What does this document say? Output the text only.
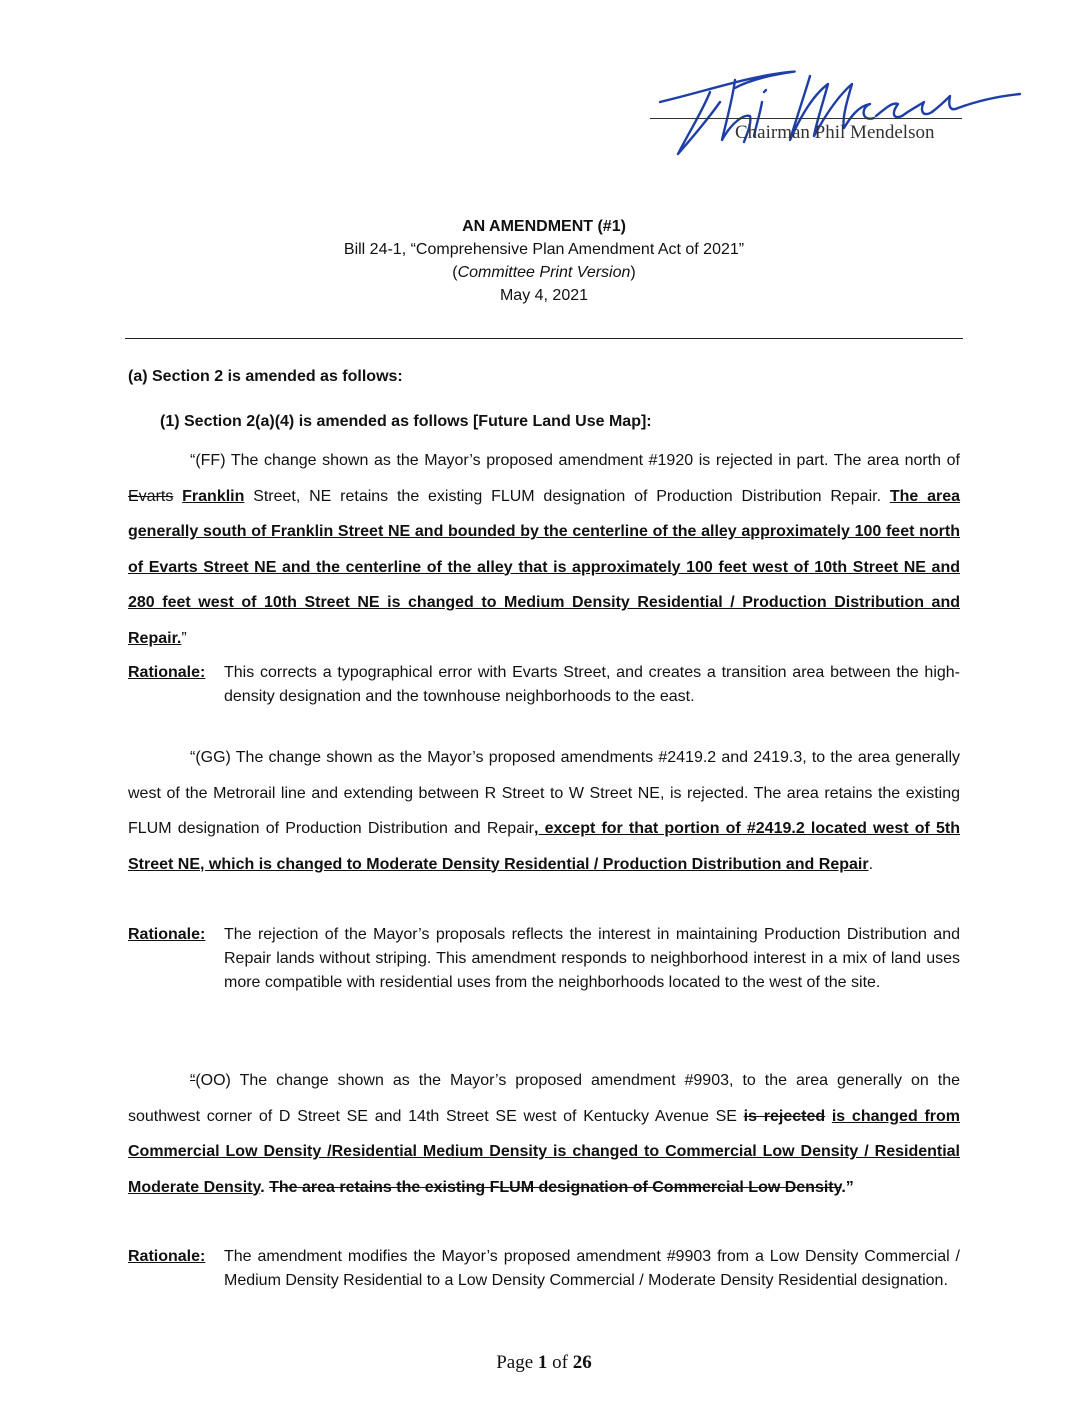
Chairman Phil Mendelson
AN AMENDMENT (#1)
Bill 24-1, “Comprehensive Plan Amendment Act of 2021”
(Committee Print Version)
May 4, 2021
(a) Section 2 is amended as follows:
(1) Section 2(a)(4) is amended as follows [Future Land Use Map]:
“(FF) The change shown as the Mayor’s proposed amendment #1920 is rejected in part. The area north of Evarts Franklin Street, NE retains the existing FLUM designation of Production Distribution Repair. The area generally south of Franklin Street NE and bounded by the centerline of the alley approximately 100 feet north of Evarts Street NE and the centerline of the alley that is approximately 100 feet west of 10th Street NE and 280 feet west of 10th Street NE is changed to Medium Density Residential / Production Distribution and Repair.”
Rationale: This corrects a typographical error with Evarts Street, and creates a transition area between the high-density designation and the townhouse neighborhoods to the east.
“(GG) The change shown as the Mayor’s proposed amendments #2419.2 and 2419.3, to the area generally west of the Metrorail line and extending between R Street to W Street NE, is rejected. The area retains the existing FLUM designation of Production Distribution and Repair, except for that portion of #2419.2 located west of 5th Street NE, which is changed to Moderate Density Residential / Production Distribution and Repair.
Rationale: The rejection of the Mayor’s proposals reflects the interest in maintaining Production Distribution and Repair lands without striping. This amendment responds to neighborhood interest in a mix of land uses more compatible with residential uses from the neighborhoods located to the west of the site.
“(OO) The change shown as the Mayor’s proposed amendment #9903, to the area generally on the southwest corner of D Street SE and 14th Street SE west of Kentucky Avenue SE is rejected is changed from Commercial Low Density /Residential Medium Density is changed to Commercial Low Density / Residential Moderate Density. The area retains the existing FLUM designation of Commercial Low Density.”
Rationale: The amendment modifies the Mayor’s proposed amendment #9903 from a Low Density Commercial / Medium Density Residential to a Low Density Commercial / Moderate Density Residential designation.
Page 1 of 26
